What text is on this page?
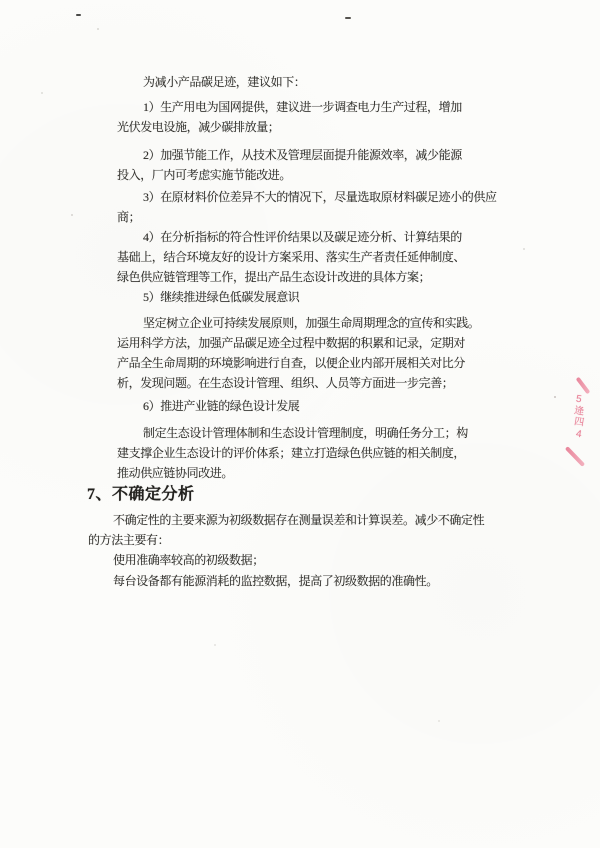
为减小产品碳足迹，建议如下：
1）生产用电为国网提供，建议进一步调查电力生产过程，增加
光伏发电设施，减少碳排放量；
2）加强节能工作，从技术及管理层面提升能源效率，减少能源
投入，厂内可考虑实施节能改进。
3）在原材料价位差异不大的情况下，尽量选取原材料碳足迹小的供应
商；
4）在分析指标的符合性评价结果以及碳足迹分析、计算结果的
基础上，结合环境友好的设计方案采用、落实生产者责任延伸制度、
绿色供应链管理等工作，提出产品生态设计改进的具体方案；
5）继续推进绿色低碳发展意识
坚定树立企业可持续发展原则，加强生命周期理念的宣传和实践。
运用科学方法，加强产品碳足迹全过程中数据的积累和记录，定期对
产品全生命周期的环境影响进行自查，以便企业内部开展相关对比分
析，发现问题。在生态设计管理、组织、人员等方面进一步完善；
6）推进产业链的绿色设计发展
制定生态设计管理体制和生态设计管理制度，明确任务分工；构
建支撑企业生态设计的评价体系；建立打造绿色供应链的相关制度，
推动供应链协同改进。
7、不确定分析
不确定性的主要来源为初级数据存在测量误差和计算误差。减少不确定性
的方法主要有：
使用准确率较高的初级数据；
每台设备都有能源消耗的监控数据，提高了初级数据的准确性。
5
逄
四
4
